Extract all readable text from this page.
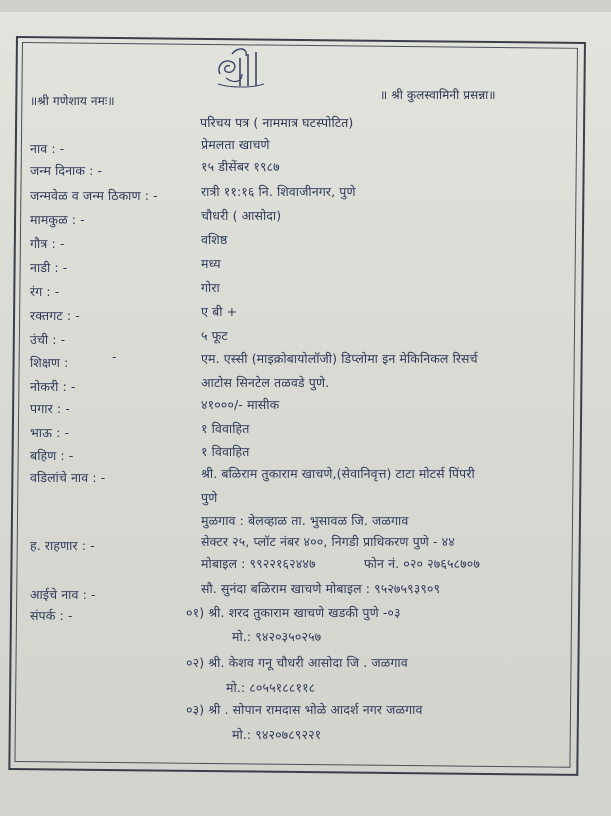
॥श्री गणेशाय नमः॥	॥ श्री कुलस्वामिनी प्रसन्ना॥
परिचय पत्र ( नाममात्र घटस्पोटित)
नाव : -	प्रेमलता खाचणे
जन्म दिनाक : -	१५ डीसेंबर १९८७
जन्मवेळ व जन्म ठिकाण : -	रात्री ११:१६ नि. शिवाजीनगर, पुणे
मामकुळ : -	चौधरी ( आसोदा)
गौत्र : -	वशिष्ठ
नाडी : -	मध्य
रंग : -	गोरा
रक्तगट : -	ए बी +
उंची : -	५ फूट
शिक्षण :	एम. एस्सी (माइक्रोबायोलॉजी) डिप्लोमा इन मेकिनिकल रिसर्च
नोकरी : -	आटोस सिनटेल तळवडे पुणे.
पगार : -	४१०००/- मासीक
भाऊ : -	१ विवाहित
बहिण : -	१ विवाहित
वडिलांचे नाव : -	श्री. बळिराम तुकाराम खाचणे,(सेवानिवृत्त) टाटा मोटर्स पिंपरी
-
पुणे
मुळगाव : बेलव्हाळ ता. भुसावळ जि. जळगाव
ह. राहणार : -	सेक्टर २५, प्लॉट नंबर ४००, निगडी प्राधिकरण पुणे - ४४
मोबाइल : ९९२२१६२४४७	फोन नं. ०२० २७६५८७०७
आईचे नाव : -	सौ. सुनंदा बळिराम खाचणे मोबाइल : ९५२७५९३९०९
संपर्क : -	०१) श्री. शरद तुकाराम खाचणे खडकी पुणे -०३
मो.: ९४२०३५०२५७
०२) श्री. केशव गनू चौधरी आसोदा जि . जळगाव
मो.: ८०५५१८८११८
०३) श्री . सोपान रामदास भोळे आदर्श नगर जळगाव
मो.: ९४२०७८९२२१
